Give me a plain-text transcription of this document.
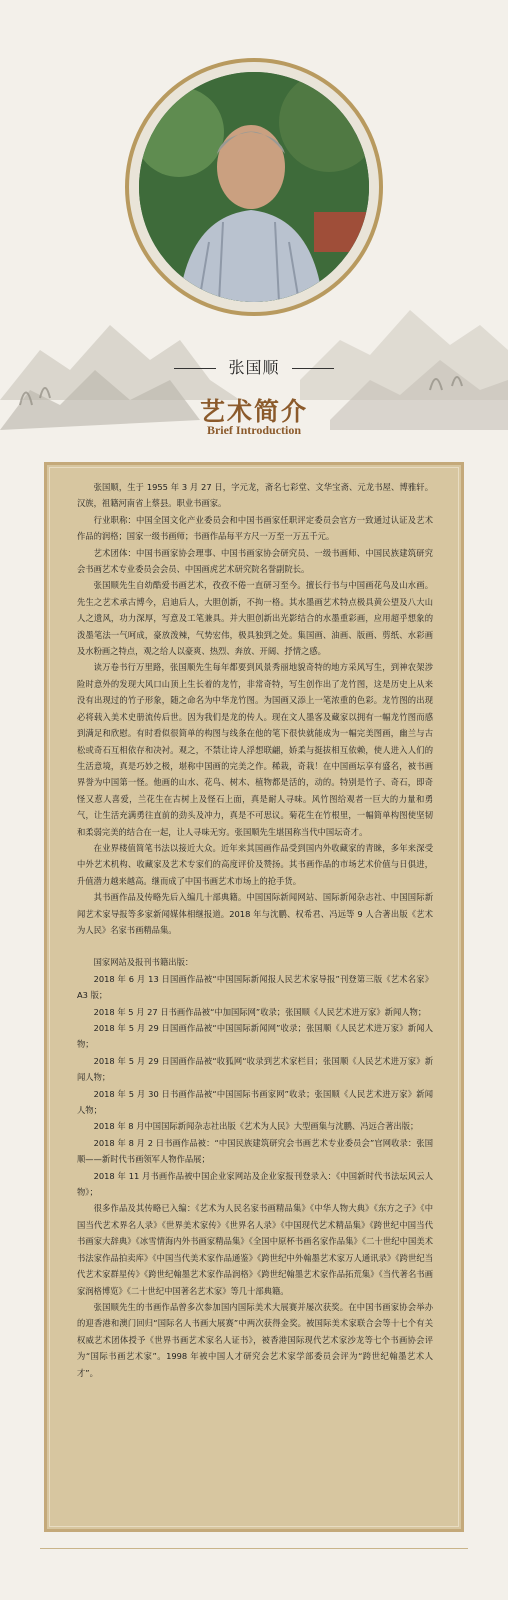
张国顺
艺术简介
Brief Introduction

张国顺，生于 1955 年 3 月 27 日，字元龙，斋名七彩堂、文华宝斋、元龙书屋、博雅轩。汉族，祖籍河南省上蔡县。职业书画家。

行业职称：中国全国文化产业委员会和中国书画家任职评定委员会官方一致通过认证及艺术作品的润格；国家一级书画师；书画作品每平方尺一万至一万五千元。

艺术团体：中国书画家协会理事、中国书画家协会研究员、一级书画师、中国民族建筑研究会书画艺术专业委员会会员、中国画虎艺术研究院名誉副院长。

张国顺先生自幼酷爱书画艺术，孜孜不倦一直研习至今。擅长行书与中国画花鸟及山水画。先生之艺术承古博今，启迪后人，大胆创新，不拘一格。其水墨画艺术特点极具黄公望及八大山人之遗风，功力深厚，写意及工笔兼具。并大胆创新出光影结合的水墨重彩画，应用超乎想象的泼墨笔法一气呵成，豪放泼辣，气势宏伟，极具独到之处。集国画、油画、版画、剪纸、水彩画及水粉画之特点，观之给人以豪爽、热烈、奔放、开阔、抒情之感。

读万卷书行万里路，张国顺先生每年都要到风景秀丽地貌奇特的地方采风写生，到神农架涉险时意外的发现大风口山顶上生长着的龙竹，非常奇特，写生创作出了龙竹图，这是历史上从来没有出现过的竹子形象，随之命名为中华龙竹图。为国画又添上一笔浓重的色彩。龙竹图的出现必将载入美术史册流传后世。因为我们是龙的传人。现在文人墨客及藏家以拥有一幅龙竹图而感到满足和欣慰。有时看似很简单的构图与线条在他的笔下很快就能成为一幅完美图画，幽兰与古松或奇石互相依存和决衬。观之，不禁让诗人浮想联翩，娇柔与挺拔相互依赖，使人进入人们的生活意境，真是巧妙之极，堪称中国画的完美之作。稀栽，奇栽！在中国画坛享有盛名，被书画界誉为中国第一怪。他画的山水、花鸟、树木、植物都是活的，动的。特别是竹子、奇石，即奇怪又惹人喜爱，兰花生在古树上及怪石上面，真是耐人寻味。风竹图给观者一巨大的力量和勇气，让生活充满勇往直前的劲头及冲力，真是不可思议。菊花生在竹根里，一幅简单构图使坚韧和柔弱完美的结合在一起，让人寻味无穷。张国顺先生堪国称当代中国坛奇才。

在业界楼值简笔书法以接近大众。近年来其国画作品受到国内外收藏家的青睐，多年来深受中外艺术机构、收藏家及艺术专家们的高度评价及赞扬。其书画作品的市场艺术价值与日俱进，升值潜力越来越高。继而成了中国书画艺术市场上的抢手货。

其书画作品及传略先后入编几十部典籍。中国国际新闻网站、国际新闻杂志社、中国国际新闻艺术家导报等多家新闻媒体相继报道。2018 年与沈鹏、权希君、冯远等 9 人合著出版《艺术为人民》名家书画精品集。

国家网站及报刊书籍出版：

2018 年 6 月 13 日国画作品被“中国国际新闻报人民艺术家导报”刊登第三版《艺术名家》A3 版；

2018 年 5 月 27 日书画作品被“中加国际网”收录；张国顺《人民艺术进万家》新闻人物；

2018 年 5 月 29 日国画作品被“中国国际新闻网”收录；张国顺《人民艺术进万家》新闻人物；

2018 年 5 月 29 日国画作品被“收狐网“收录到艺术家栏目；张国顺《人民艺术进万家》新闻人物；

2018 年 5 月 30 日书画作品被“中国国际书画家网”收录；张国顺《人民艺术进万家》新闻人物；

2018 年 8 月中国国际新闻杂志社出版《艺术为人民》大型画集与沈鹏、冯远合著出版；

2018 年 8 月 2 日书画作品被：“中国民族建筑研究会书画艺术专业委员会”官网收录：张国顺——新时代书画领军人物作品展；

2018 年 11 月书画作品被中国企业家网站及企业家报刊登录入：《中国新时代书法坛风云人物》；

很多作品及其传略已入编：《艺术为人民名家书画精品集》《中华人物大典》《东方之子》《中国当代艺术界名人录》《世界美术家传》《世界名人录》《中国现代艺术精品集》《跨世纪中国当代书画家大辞典》《冰雪情海内外书画家精品集》《全国中原杯书画名家作品集》《二十世纪中国美术书法家作品拍卖库》《中国当代美术家作品通鉴》《跨世纪中外翰墨艺术家万人通讯录》《跨世纪当代艺术家群星传》《跨世纪翰墨艺术家作品润格》《跨世纪翰墨艺术家作品拓荒集》《当代著名书画家润格博览》《二十世纪中国著名艺术家》等几十部典籍。

张国顺先生的书画作品曾多次参加国内国际美术大展赛并屡次获奖。在中国书画家协会举办的迎香港和澳门回归“国际名人书画大展赛”中两次获得金奖。被国际美术家联合会等十七个有关权威艺术团体授予《世界书画艺术家名人证书》，被香港国际现代艺术家沙龙等七个书画协会评为“国际书画艺术家”。1998 年被中国人才研究会艺术家学部委员会评为“跨世纪翰墨艺术人才”。
